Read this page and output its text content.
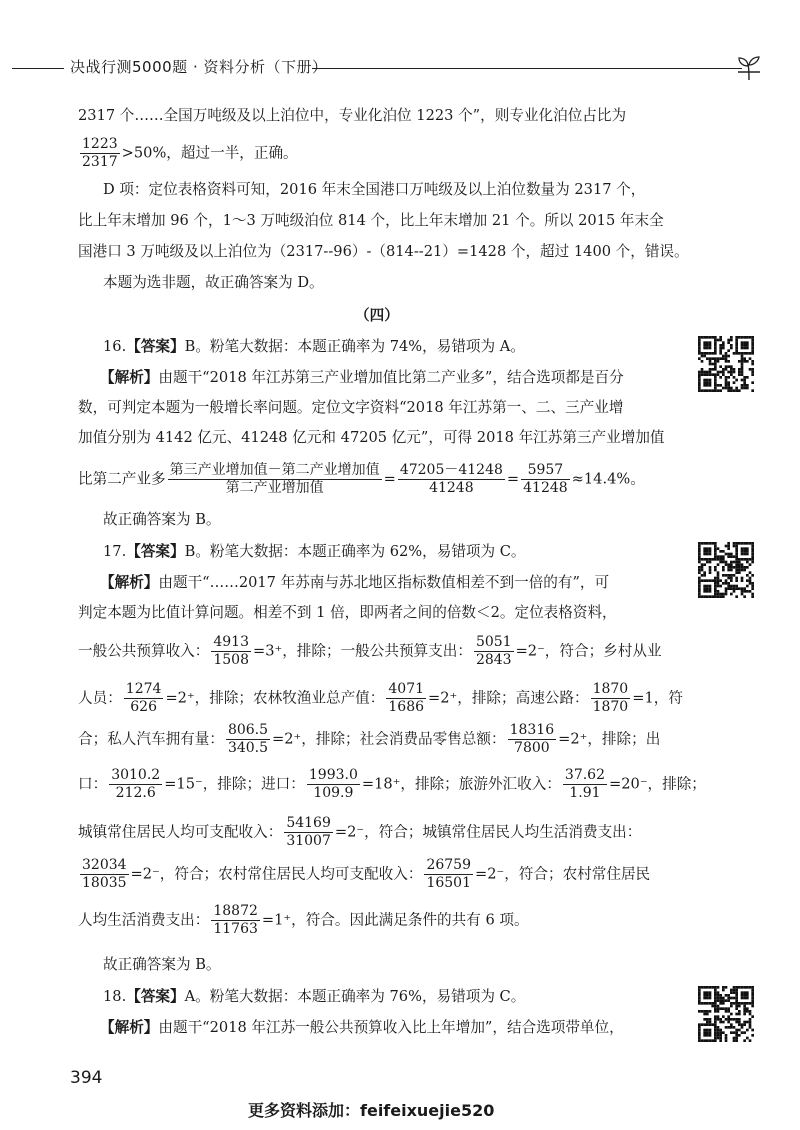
决战行测5000题 · 资料分析（下册）
2317 个……全国万吨级及以上泊位中，专业化泊位 1223 个”，则专业化泊位占比为
$\frac{1223}{2317} >50\%$，超过一半，正确。
D 项：定位表格资料可知，2016 年末全国港口万吨级及以上泊位数量为 2317 个，
比上年末增加 96 个，1～3 万吨级泊位 814 个，比上年末增加 21 个。所以 2015 年末全
国港口 3 万吨级及以上泊位为（2317--96）-（814--21）=1428 个，超过 1400 个，错误。
本题为选非题，故正确答案为 D。
（四）
16.【答案】B。粉笔大数据：本题正确率为 74%，易错项为 A。
【解析】由题干“2018 年江苏第三产业增加值比第二产业多”，结合选项都是百分
数，可判定本题为一般增长率问题。定位文字资料“2018 年江苏第一、二、三产业增
加值分别为 4142 亿元、41248 亿元和 47205 亿元”，可得 2018 年江苏第三产业增加值
比第二产业多
第三产业增加值－第二产业增加值
第二产业增加值
= $\frac{47205-41248}{41248} = \frac{5957}{41248} \approx 14.4\%$。
故正确答案为 B。
17.【答案】B。粉笔大数据：本题正确率为 62%，易错项为 C。
【解析】由题干“……2017 年苏南与苏北地区指标数值相差不到一倍的有”，可
判定本题为比值计算问题。相差不到 1 倍，即两者之间的倍数＜2。定位表格资料，
一般公共预算收入： $\frac{4913}{1508} =3^+$，排除；一般公共预算支出： $\frac{5051}{2843} =2^-$，符合；乡村从业
人员： $\frac{1274}{626} =2^+$，排除；农林牧渔业总产值： $\frac{4071}{1686} =2^+$，排除；高速公路： $\frac{1870}{1870} =1$，符
合；私人汽车拥有量： $\frac{806.5}{340.5} =2^+$，排除；社会消费品零售总额： $\frac{18316}{7800} =2^+$，排除；出
口： $\frac{3010.2}{212.6} =15^-$，排除；进口： $\frac{1993.0}{109.9} =18^+$，排除；旅游外汇收入： $\frac{37.62}{1.91} =20^-$，排除；
城镇常住居民人均可支配收入： $\frac{54169}{31007} =2^-$，符合；城镇常住居民人均生活消费支出：
$\frac{32034}{18035} =2^-$，符合；农村常住居民人均可支配收入： $\frac{26759}{16501} =2^-$，符合；农村常住居民
人均生活消费支出： $\frac{18872}{11763} =1^+$，符合。因此满足条件的共有 6 项。
故正确答案为 B。
18.【答案】A。粉笔大数据：本题正确率为 76%，易错项为 C。
【解析】由题干“2018 年江苏一般公共预算收入比上年增加”，结合选项带单位，
394
更多资料添加：feifeixuejie520
